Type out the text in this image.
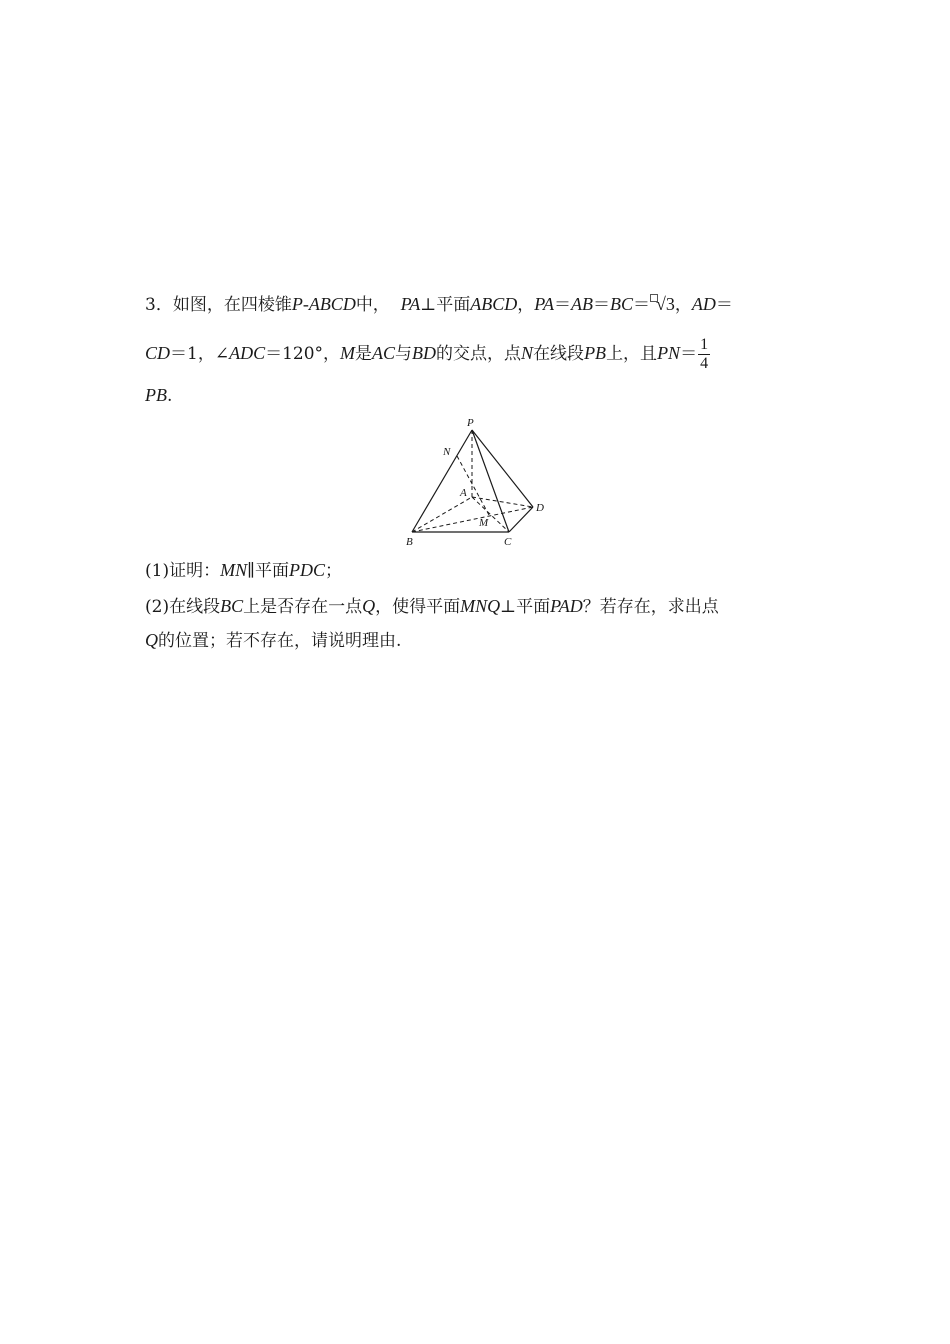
3．如图，在四棱锥P-ABCD中， PA⊥平面ABCD，PA＝AB＝BC＝ √3，AD＝
CD＝1，∠ADC＝120°，M是AC与BD的交点，点N在线段PB上，且$PN= \frac{1}{4}$
PB.
P
N
A
D
M
B	C
(1)证明：MN∥平面PDC；
(2)在线段BC上是否存在一点Q，使得平面MNQ⊥平面PAD？若存在，求出点
Q的位置；若不存在，请说明理由.
